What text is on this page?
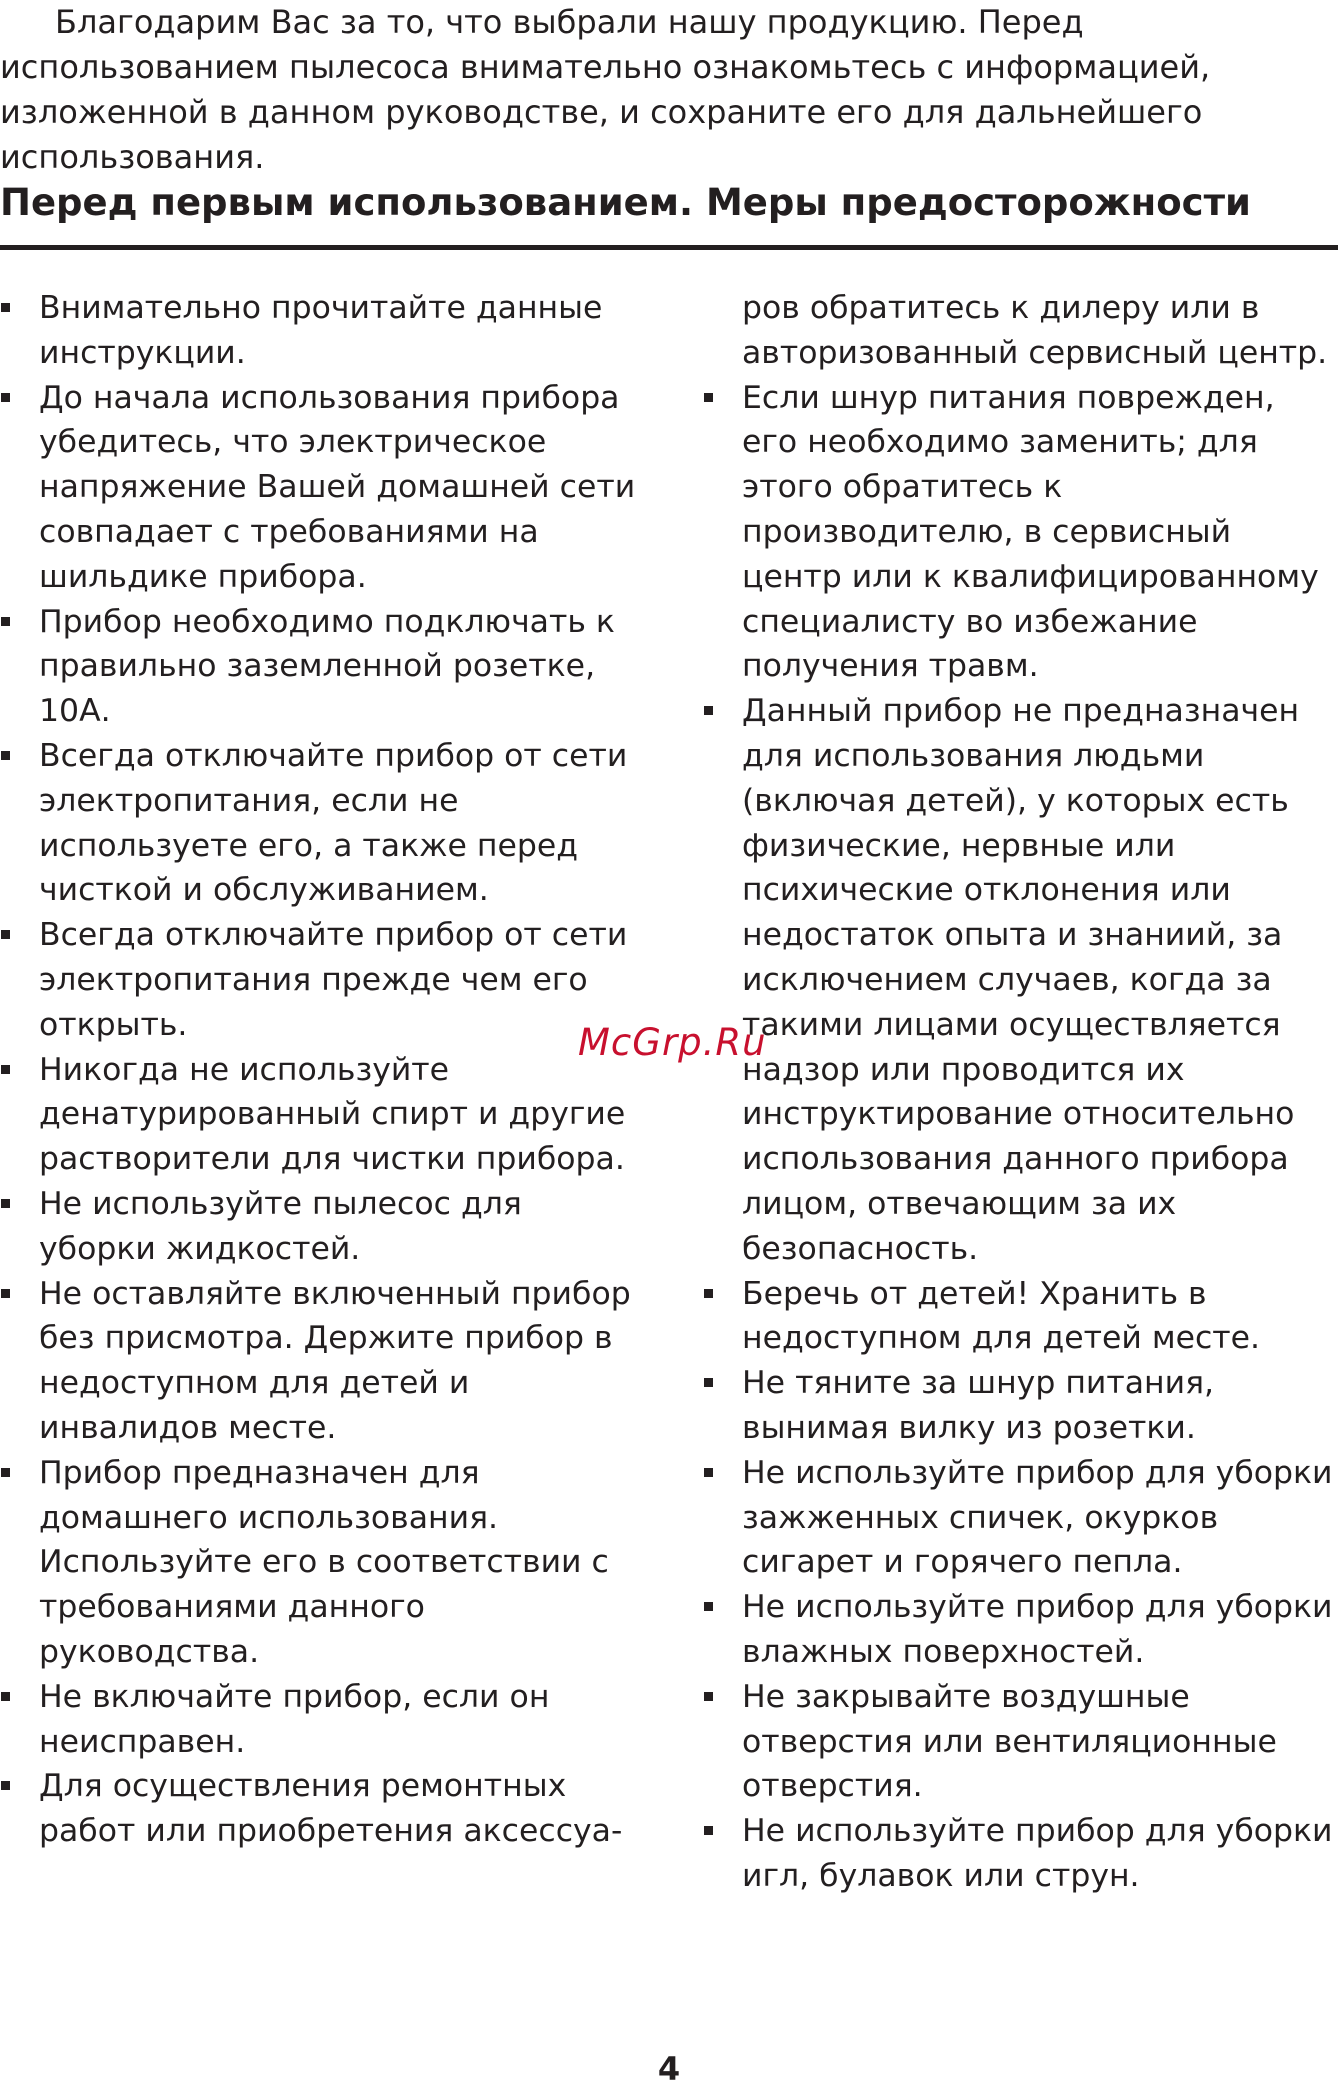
Благодарим Вас за то, что выбрали нашу продукцию. Перед использованием пылесоса внимательно ознакомьтесь с информацией, изложенной в данном руководстве, и сохраните его для дальнейшего использования.

Перед первым использованием. Меры предосторожности
Внимательно прочитайте данные инструкции.
До начала использования прибора убедитесь, что электрическое напряжение Вашей домашней сети совпадает с требованиями на шильдике прибора.
Прибор необходимо подключать к правильно заземленной розетке, 10А.
Всегда отключайте прибор от сети электропитания, если не используете его, а также перед чисткой и обслуживанием.
Всегда отключайте прибор от сети электропитания прежде чем его открыть.
Никогда не используйте денатурированный спирт и другие растворители для чистки прибора.
Не используйте пылесос для уборки жидкостей.
Не оставляйте включенный прибор без присмотра. Держите прибор в недоступном для детей и инвалидов месте.
Прибор предназначен для домашнего использования. Используйте его в соответствии с требованиями данного руководства.
Не включайте прибор, если он неисправен.
Для осуществления ремонтных работ или приобретения аксессуа-
ров обратитесь к дилеру или в авторизованный сервисный центр.
Если шнур питания поврежден, его необходимо заменить; для этого обратитесь к производителю, в сервисный центр или к квалифицированному специалисту во избежание получения травм.
Данный прибор не предназначен для использования людьми (включая детей), у которых есть физические, нервные или психические отклонения или недостаток опыта и знаниий, за исключением случаев, когда за такими лицами осуществляется надзор или проводится их инструктирование относительно использования данного прибора лицом, отвечающим за их безопасность.
Беречь от детей! Хранить в недоступном для детей месте.
Не тяните за шнур питания, вынимая вилку из розетки.
Не используйте прибор для уборки зажженных спичек, окурков сигарет и горячего пепла.
Не используйте прибор для уборки влажных поверхностей.
Не закрывайте воздушные отверстия или вентиляционные отверстия.
Не используйте прибор для уборки игл, булавок или струн.
McGrp.Ru
4
